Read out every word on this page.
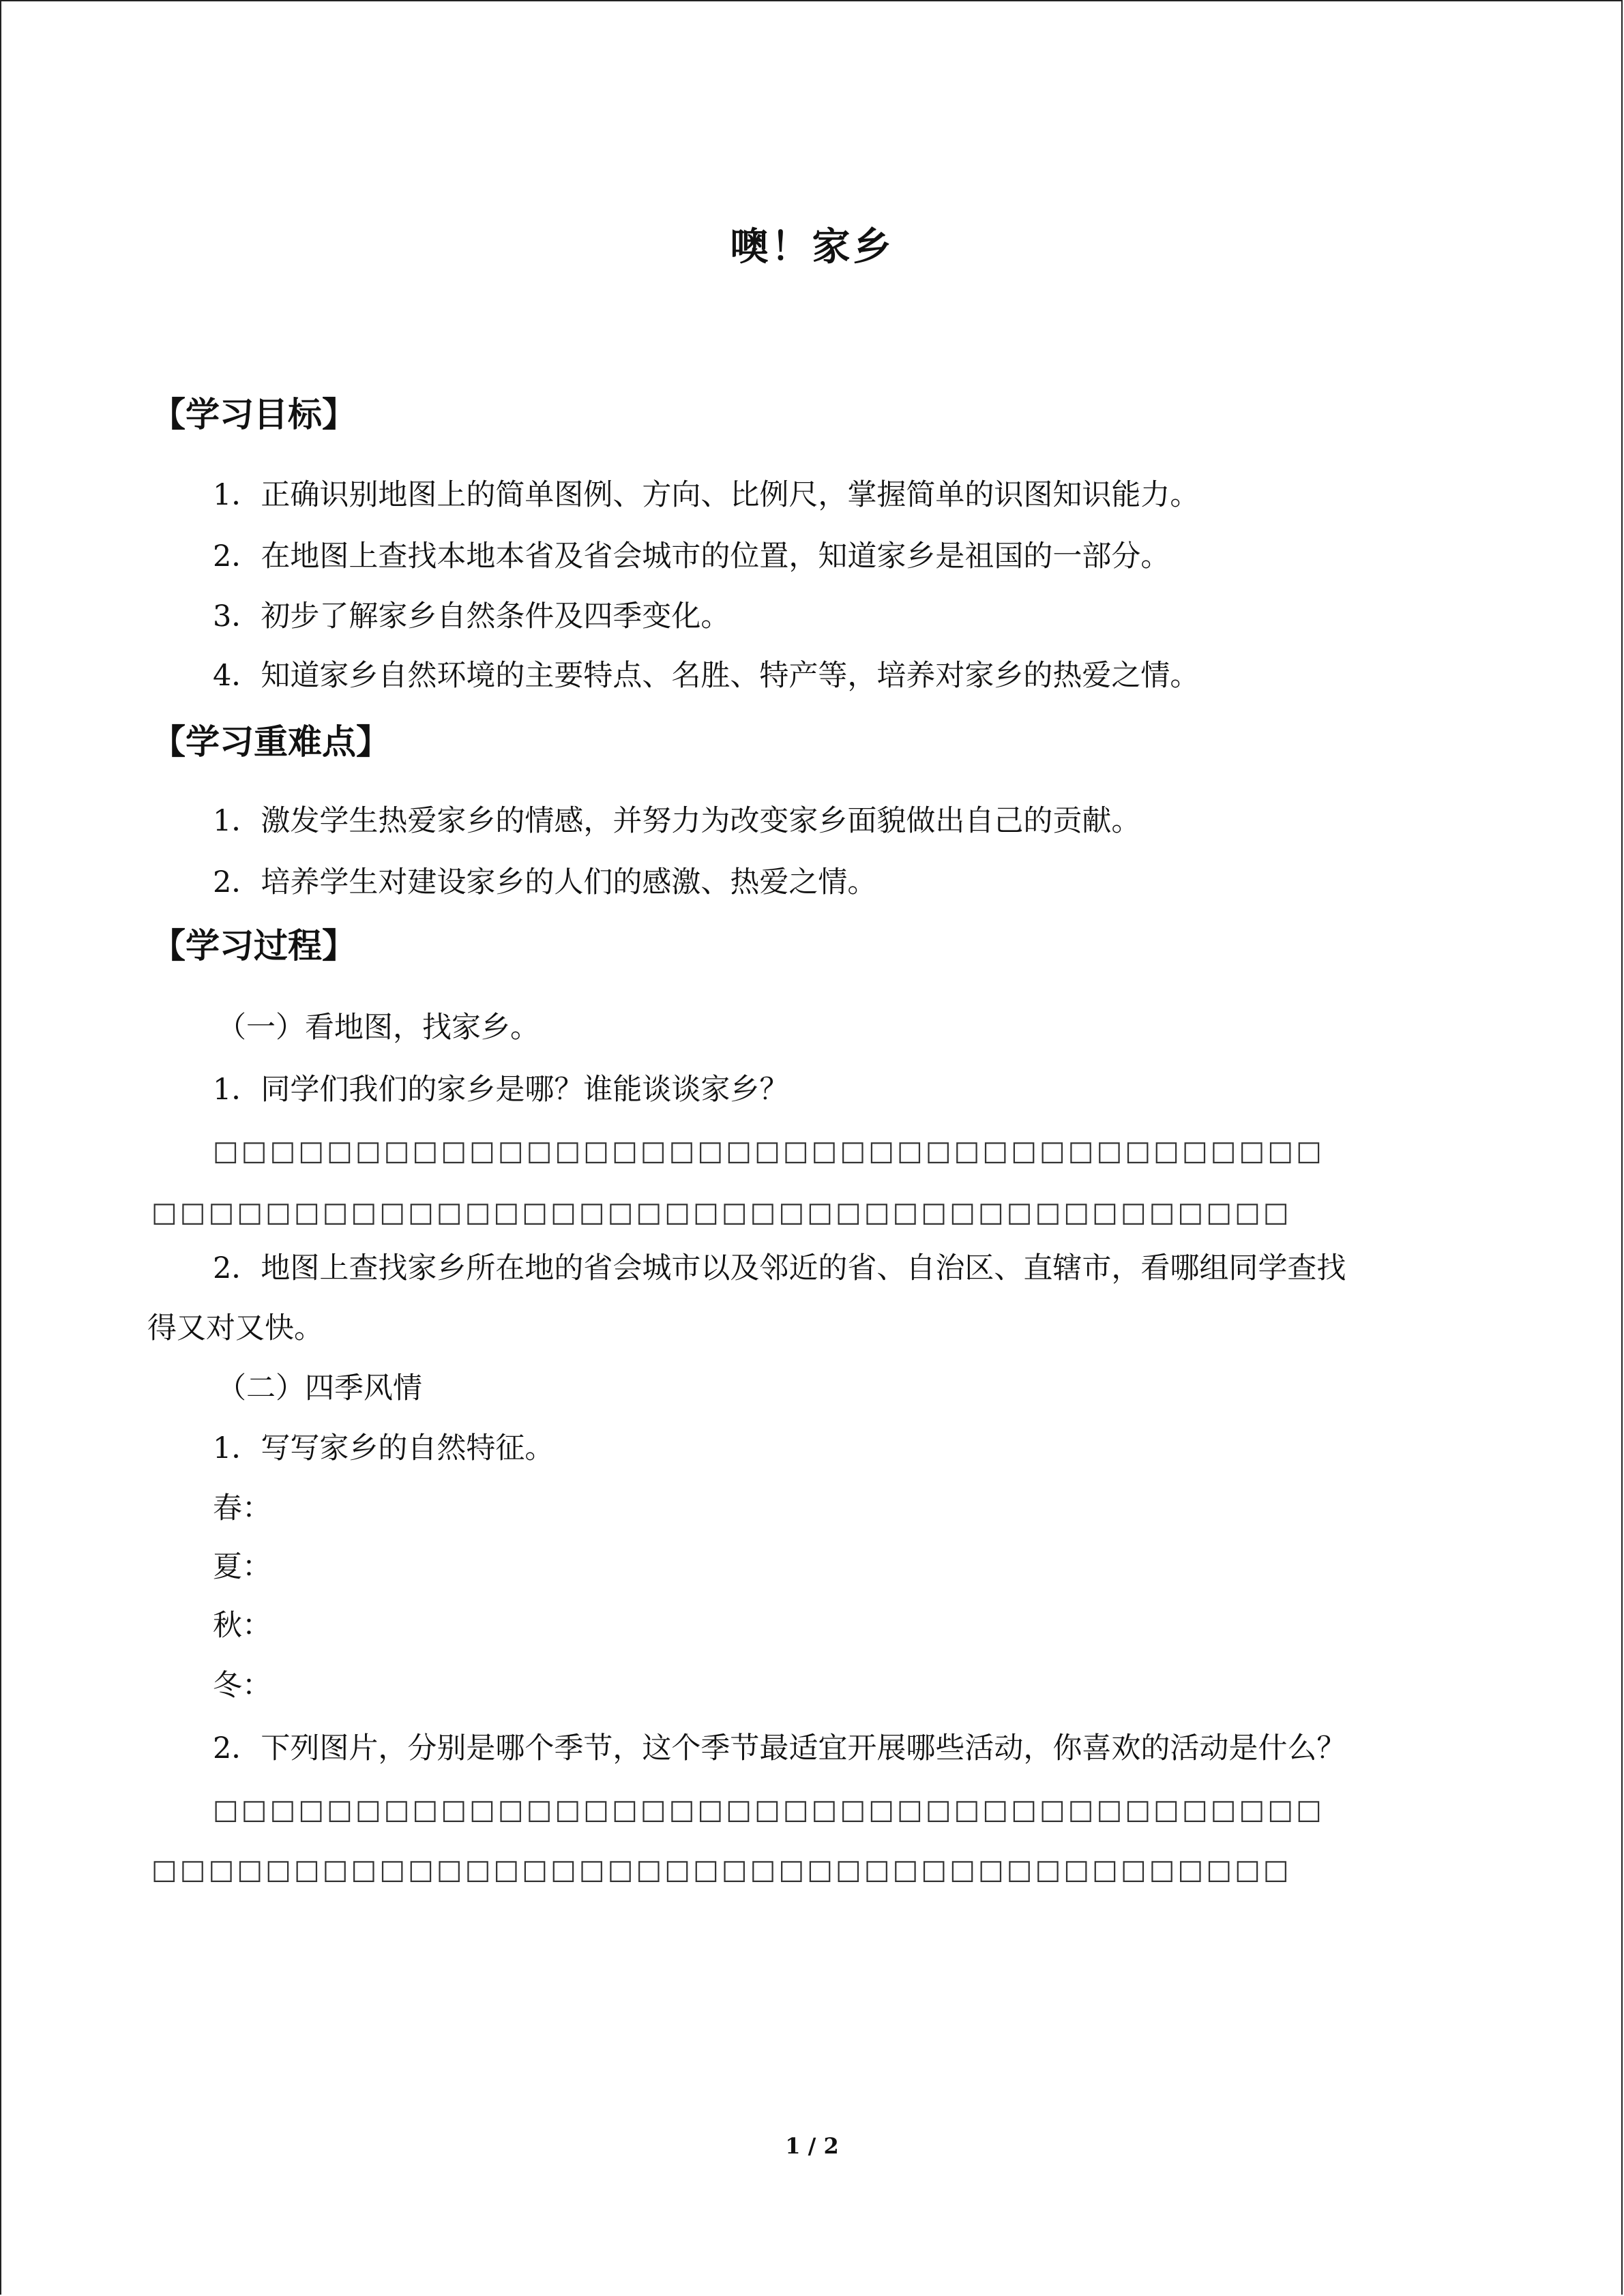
噢！家乡
【学习目标】
1．正确识别地图上的简单图例、方向、比例尺，掌握简单的识图知识能力。
2．在地图上查找本地本省及省会城市的位置，知道家乡是祖国的一部分。
3．初步了解家乡自然条件及四季变化。
4．知道家乡自然环境的主要特点、名胜、特产等，培养对家乡的热爱之情。
【学习重难点】
1．激发学生热爱家乡的情感，并努力为改变家乡面貌做出自己的贡献。
2．培养学生对建设家乡的人们的感激、热爱之情。
【学习过程】
（一）看地图，找家乡。
1．同学们我们的家乡是哪？谁能谈谈家乡？
□□□□□□□□□□□□□□□□□□□□□□□□□□□□□□□□□□□□□□□
□□□□□□□□□□□□□□□□□□□□□□□□□□□□□□□□□□□□□□□□
2．地图上查找家乡所在地的省会城市以及邻近的省、自治区、直辖市，看哪组同学查找
得又对又快。
（二）四季风情
1．写写家乡的自然特征。
春：
夏：
秋：
冬：
2．下列图片，分别是哪个季节，这个季节最适宜开展哪些活动，你喜欢的活动是什么？
□□□□□□□□□□□□□□□□□□□□□□□□□□□□□□□□□□□□□□□
□□□□□□□□□□□□□□□□□□□□□□□□□□□□□□□□□□□□□□□□
1 / 2
